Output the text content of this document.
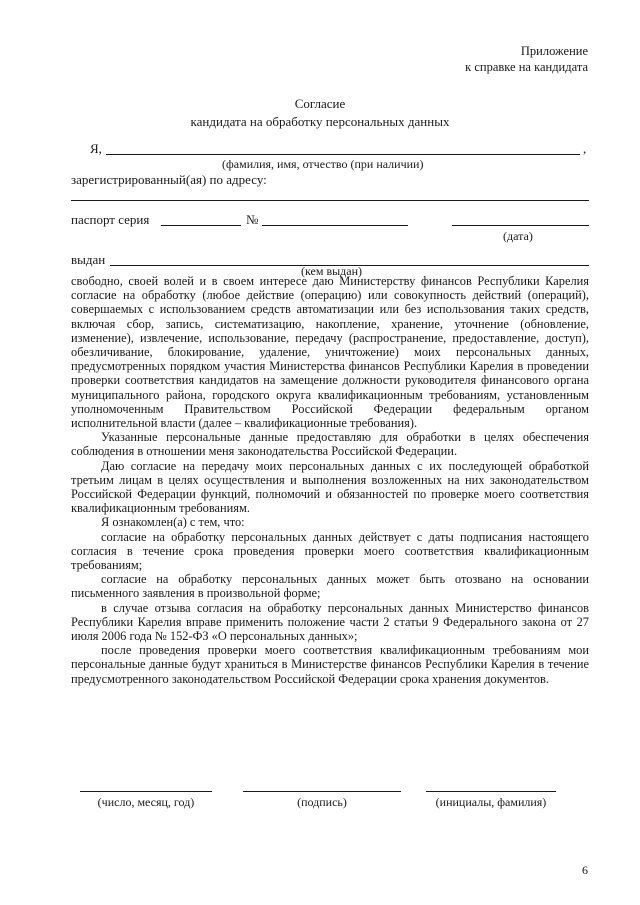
Приложение
к справке на кандидата
Согласие
кандидата на обработку персональных данных
Я,	,
(фамилия, имя, отчество (при наличии)
зарегистрированный(ая) по адресу:
паспорт серия	№
(дата)
выдан
(кем выдан)

свободно, своей волей и в своем интересе даю Министерству финансов Республики Карелия согласие на обработку (любое действие (операцию) или совокупность действий (операций), совершаемых с использованием средств автоматизации или без использования таких средств, включая сбор, запись, систематизацию, накопление, хранение, уточнение (обновление, изменение), извлечение, использование, передачу (распространение, предоставление, доступ), обезличивание, блокирование, удаление, уничтожение) моих персональных данных, предусмотренных порядком участия Министерства финансов Республики Карелия в проведении проверки соответствия кандидатов на замещение должности руководителя финансового органа муниципального района, городского округа квалификационным требованиям, установленным уполномоченным Правительством Российской Федерации федеральным органом исполнительной власти (далее – квалификационные требования).

Указанные персональные данные предоставляю для обработки в целях обеспечения соблюдения в отношении меня законодательства Российской Федерации.

Даю согласие на передачу моих персональных данных с их последующей обработкой третьим лицам в целях осуществления и выполнения возложенных на них законодательством Российской Федерации функций, полномочий и обязанностей по проверке моего соответствия квалификационным требованиям.

Я ознакомлен(а) с тем, что:

согласие на обработку персональных данных действует с даты подписания настоящего согласия в течение срока проведения проверки моего соответствия квалификационным требованиям;

согласие на обработку персональных данных может быть отозвано на основании письменного заявления в произвольной форме;

в случае отзыва согласия на обработку персональных данных Министерство финансов Республики Карелия вправе применить положение части 2 статьи 9 Федерального закона от 27 июля 2006 года № 152-ФЗ «О персональных данных»;

после проведения проверки моего соответствия квалификационным требованиям мои персональные данные будут храниться в Министерстве финансов Республики Карелия в течение предусмотренного законодательством Российской Федерации срока хранения документов.

(число, месяц, год)	(подпись)	(инициалы, фамилия)
6
